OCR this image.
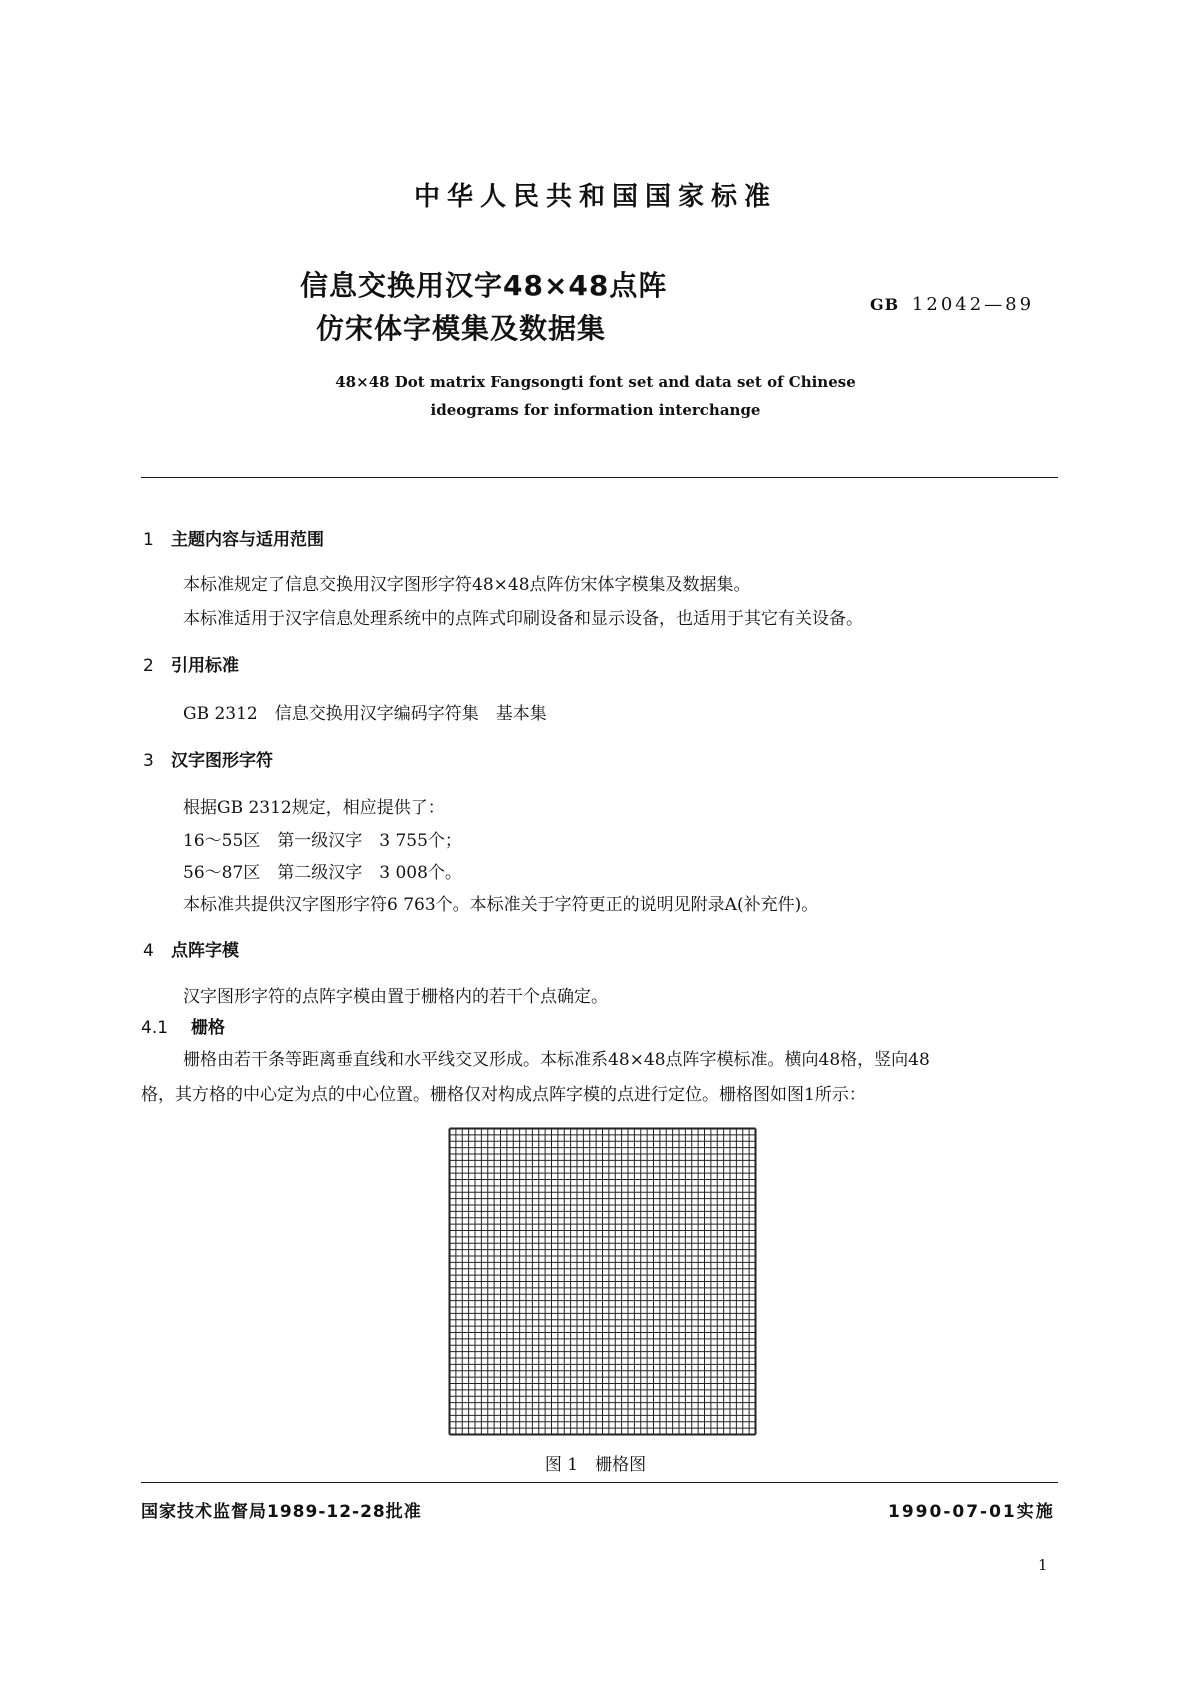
中华人民共和国国家标准
信息交换用汉字48×48点阵
仿宋体字模集及数据集
GB 12042—89
48×48 Dot matrix Fangsongti font set and data set of Chinese
ideograms for information interchange
1 主题内容与适用范围
本标准规定了信息交换用汉字图形字符48×48点阵仿宋体字模集及数据集。
本标准适用于汉字信息处理系统中的点阵式印刷设备和显示设备，也适用于其它有关设备。
2 引用标准
GB 2312　信息交换用汉字编码字符集　基本集
3 汉字图形字符
根据GB 2312规定，相应提供了：
16～55区　第一级汉字　3 755个；
56～87区　第二级汉字　3 008个。
本标准共提供汉字图形字符6 763个。本标准关于字符更正的说明见附录A(补充件)。
4 点阵字模
汉字图形字符的点阵字模由置于栅格内的若干个点确定。
4.1 栅格
栅格由若干条等距离垂直线和水平线交叉形成。本标准系48×48点阵字模标准。横向48格，竖向48
格，其方格的中心定为点的中心位置。栅格仅对构成点阵字模的点进行定位。栅格图如图1所示：
图 1　栅格图
国家技术监督局1989-12-28批准	1990-07-01实施
1
